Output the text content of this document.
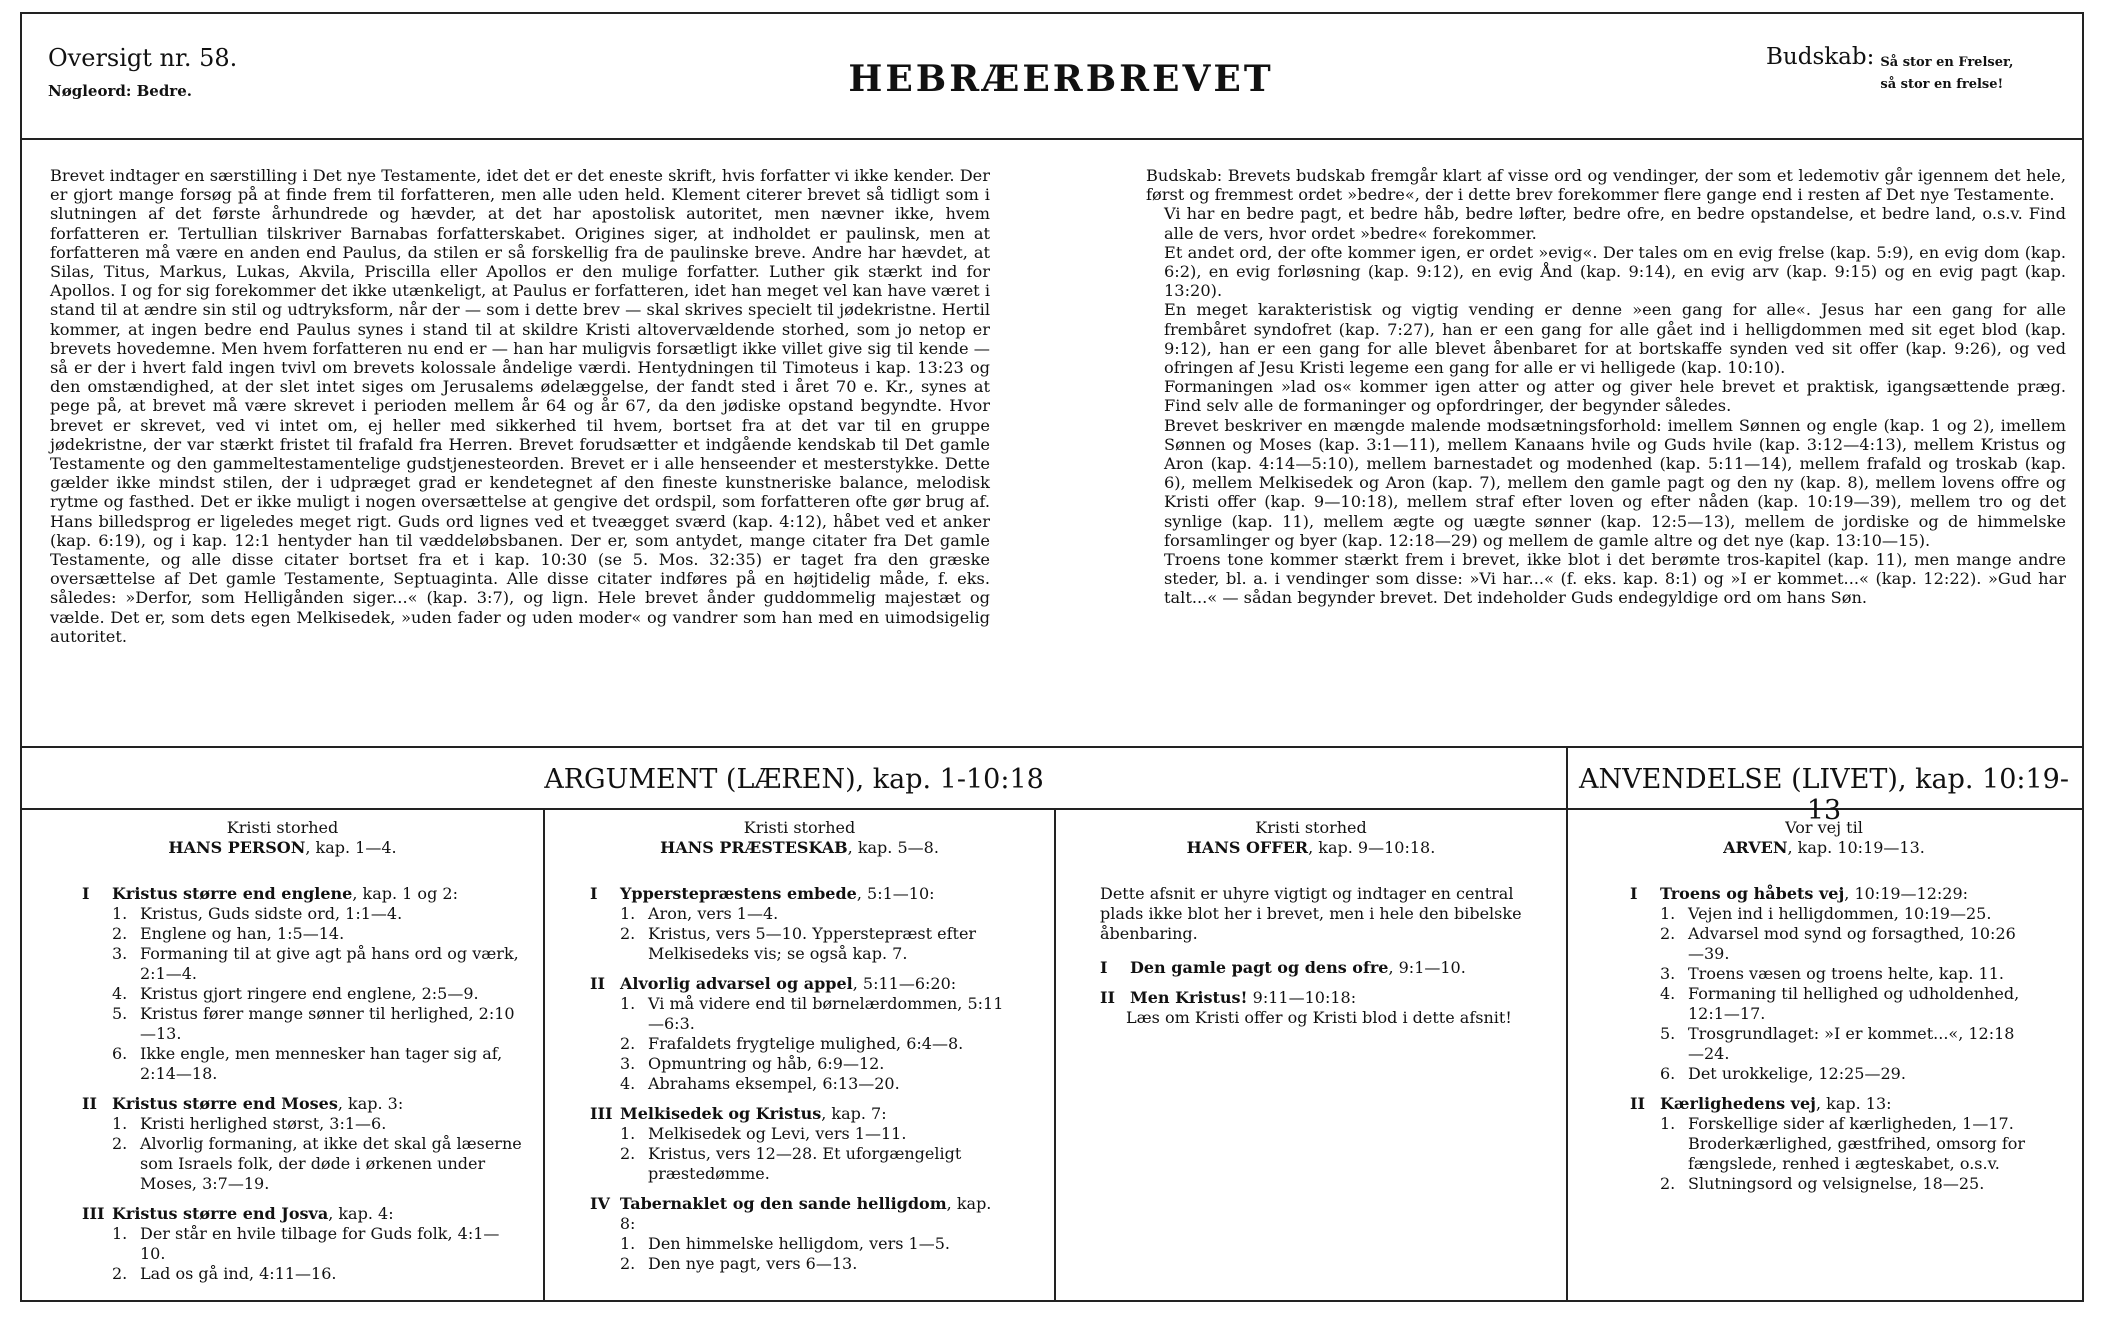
Oversigt nr. 58.
Nøgleord: Bedre.	HEBRÆERBREVET
Budskab: Så stor en Frelser,
så stor en frelse!

Brevet indtager en særstilling i Det nye Testamente, idet det er det eneste skrift, hvis forfatter vi ikke kender. Der er gjort mange forsøg på at finde frem til forfatteren, men alle uden held. Klement citerer brevet så tidligt som i slutningen af det første århundrede og hævder, at det har apostolisk autoritet, men nævner ikke, hvem forfatteren er. Tertullian tilskriver Barnabas forfatterskabet. Origines siger, at indholdet er paulinsk, men at forfatteren må være en anden end Paulus, da stilen er så forskellig fra de paulinske breve. Andre har hævdet, at Silas, Titus, Markus, Lukas, Akvila, Priscilla eller Apollos er den mulige forfatter. Luther gik stærkt ind for Apollos. I og for sig forekommer det ikke utænkeligt, at Paulus er forfatteren, idet han meget vel kan have været i stand til at ændre sin stil og udtryksform, når der — som i dette brev — skal skrives specielt til jødekristne. Hertil kommer, at ingen bedre end Paulus synes i stand til at skildre Kristi altovervældende storhed, som jo netop er brevets hovedemne. Men hvem forfatteren nu end er — han har muligvis forsætligt ikke villet give sig til kende — så er der i hvert fald ingen tvivl om brevets kolossale åndelige værdi. Hentydningen til Timoteus i kap. 13:23 og den omstændighed, at der slet intet siges om Jerusalems ødelæggelse, der fandt sted i året 70 e. Kr., synes at pege på, at brevet må være skrevet i perioden mellem år 64 og år 67, da den jødiske opstand begyndte. Hvor brevet er skrevet, ved vi intet om, ej heller med sikkerhed til hvem, bortset fra at det var til en gruppe jødekristne, der var stærkt fristet til frafald fra Herren. Brevet forudsætter et indgående kendskab til Det gamle Testamente og den gammeltestamentelige gudstjenesteorden. Brevet er i alle henseender et mesterstykke. Dette gælder ikke mindst stilen, der i udpræget grad er kendetegnet af den fineste kunstneriske balance, melodisk rytme og fasthed. Det er ikke muligt i nogen oversættelse at gengive det ordspil, som forfatteren ofte gør brug af. Hans billedsprog er ligeledes meget rigt. Guds ord lignes ved et tveægget sværd (kap. 4:12), håbet ved et anker (kap. 6:19), og i kap. 12:1 hentyder han til væddeløbsbanen. Der er, som antydet, mange citater fra Det gamle Testamente, og alle disse citater bortset fra et i kap. 10:30 (se 5. Mos. 32:35) er taget fra den græske oversættelse af Det gamle Testamente, Septuaginta. Alle disse citater indføres på en højtidelig måde, f. eks. således: »Derfor, som Helligånden siger...« (kap. 3:7), og lign. Hele brevet ånder guddommelig majestæt og vælde. Det er, som dets egen Melkisedek, »uden fader og uden moder« og vandrer som han med en uimodsigelig autoritet.

Budskab: Brevets budskab fremgår klart af visse ord og vendinger, der som et ledemotiv går igennem det hele, først og fremmest ordet »bedre«, der i dette brev forekommer flere gange end i resten af Det nye Testamente.

Vi har en bedre pagt, et bedre håb, bedre løfter, bedre ofre, en bedre opstandelse, et bedre land, o.s.v. Find alle de vers, hvor ordet »bedre« forekommer.

Et andet ord, der ofte kommer igen, er ordet »evig«. Der tales om en evig frelse (kap. 5:9), en evig dom (kap. 6:2), en evig forløsning (kap. 9:12), en evig Ånd (kap. 9:14), en evig arv (kap. 9:15) og en evig pagt (kap. 13:20).

En meget karakteristisk og vigtig vending er denne »een gang for alle«. Jesus har een gang for alle frembåret syndofret (kap. 7:27), han er een gang for alle gået ind i helligdommen med sit eget blod (kap. 9:12), han er een gang for alle blevet åbenbaret for at bortskaffe synden ved sit offer (kap. 9:26), og ved ofringen af Jesu Kristi legeme een gang for alle er vi helligede (kap. 10:10).

Formaningen »lad os« kommer igen atter og atter og giver hele brevet et praktisk, igangsættende præg. Find selv alle de formaninger og opfordringer, der begynder således.

Brevet beskriver en mængde malende modsætningsforhold: imellem Sønnen og engle (kap. 1 og 2), imellem Sønnen og Moses (kap. 3:1—11), mellem Kanaans hvile og Guds hvile (kap. 3:12—4:13), mellem Kristus og Aron (kap. 4:14—5:10), mellem barnestadet og modenhed (kap. 5:11—14), mellem frafald og troskab (kap. 6), mellem Melkisedek og Aron (kap. 7), mellem den gamle pagt og den ny (kap. 8), mellem lovens offre og Kristi offer (kap. 9—10:18), mellem straf efter loven og efter nåden (kap. 10:19—39), mellem tro og det synlige (kap. 11), mellem ægte og uægte sønner (kap. 12:5—13), mellem de jordiske og de himmelske forsamlinger og byer (kap. 12:18—29) og mellem de gamle altre og det nye (kap. 13:10—15).

Troens tone kommer stærkt frem i brevet, ikke blot i det berømte tros-kapitel (kap. 11), men mange andre steder, bl. a. i vendinger som disse: »Vi har...« (f. eks. kap. 8:1) og »I er kommet...« (kap. 12:22). »Gud har talt...« — sådan begynder brevet. Det indeholder Guds endegyldige ord om hans Søn.

ARGUMENT (LÆREN), kap. 1-10:18	ANVENDELSE (LIVET), kap. 10:19-13
Kristi storhed
HANS PERSON, kap. 1—4.
Kristi storhed
HANS PRÆSTESKAB, kap. 5—8.
Kristi storhed
HANS OFFER, kap. 9—10:18.
Vor vej til
ARVEN, kap. 10:19—13.
I	Kristus større end englene, kap. 1 og 2:
1. Kristus, Guds sidste ord, 1:1—4.
2. Englene og han, 1:5—14.
3. Formaning til at give agt på hans ord og værk, 2:1—4.
4. Kristus gjort ringere end englene, 2:5—9.
5. Kristus fører mange sønner til herlighed, 2:10—13.
6. Ikke engle, men mennesker han tager sig af, 2:14—18.
II Kristus større end Moses, kap. 3:
1. Kristi herlighed størst, 3:1—6.
2. Alvorlig formaning, at ikke det skal gå læserne som Israels folk, der døde i ørkenen under Moses, 3:7—19.
III Kristus større end Josva, kap. 4:
1. Der står en hvile tilbage for Guds folk, 4:1—10.
2. Lad os gå ind, 4:11—16.
I	Ypperstepræstens embede, 5:1—10:
1. Aron, vers 1—4.
2. Kristus, vers 5—10. Ypperstepræst efter Melkisedeks vis; se også kap. 7.
II Alvorlig advarsel og appel, 5:11—6:20:
1. Vi må videre end til børnelærdommen, 5:11—6:3.
2. Frafaldets frygtelige mulighed, 6:4—8.
3. Opmuntring og håb, 6:9—12.
4. Abrahams eksempel, 6:13—20.
III Melkisedek og Kristus, kap. 7:
1. Melkisedek og Levi, vers 1—11.
2. Kristus, vers 12—28. Et uforgængeligt præstedømme.
IV Tabernaklet og den sande helligdom, kap. 8:
1. Den himmelske helligdom, vers 1—5.
2. Den nye pagt, vers 6—13.
Dette afsnit er uhyre vigtigt og indtager en central plads ikke blot her i brevet, men i hele den bibelske åbenbaring.
I	Den gamle pagt og dens ofre, 9:1—10.
II Men Kristus! 9:11—10:18:
Læs om Kristi offer og Kristi blod i dette afsnit!
I	Troens og håbets vej, 10:19—12:29:
1. Vejen ind i helligdommen, 10:19—25.
2. Advarsel mod synd og forsagthed, 10:26—39.
3. Troens væsen og troens helte, kap. 11.
4. Formaning til hellighed og udholdenhed, 12:1—17.
5. Trosgrundlaget: »I er kommet...«, 12:18—24.
6. Det urokkelige, 12:25—29.
II Kærlighedens vej, kap. 13:
1. Forskellige sider af kærligheden, 1—17. Broderkærlighed, gæstfrihed, omsorg for fængslede, renhed i ægteskabet, o.s.v.
2. Slutningsord og velsignelse, 18—25.
